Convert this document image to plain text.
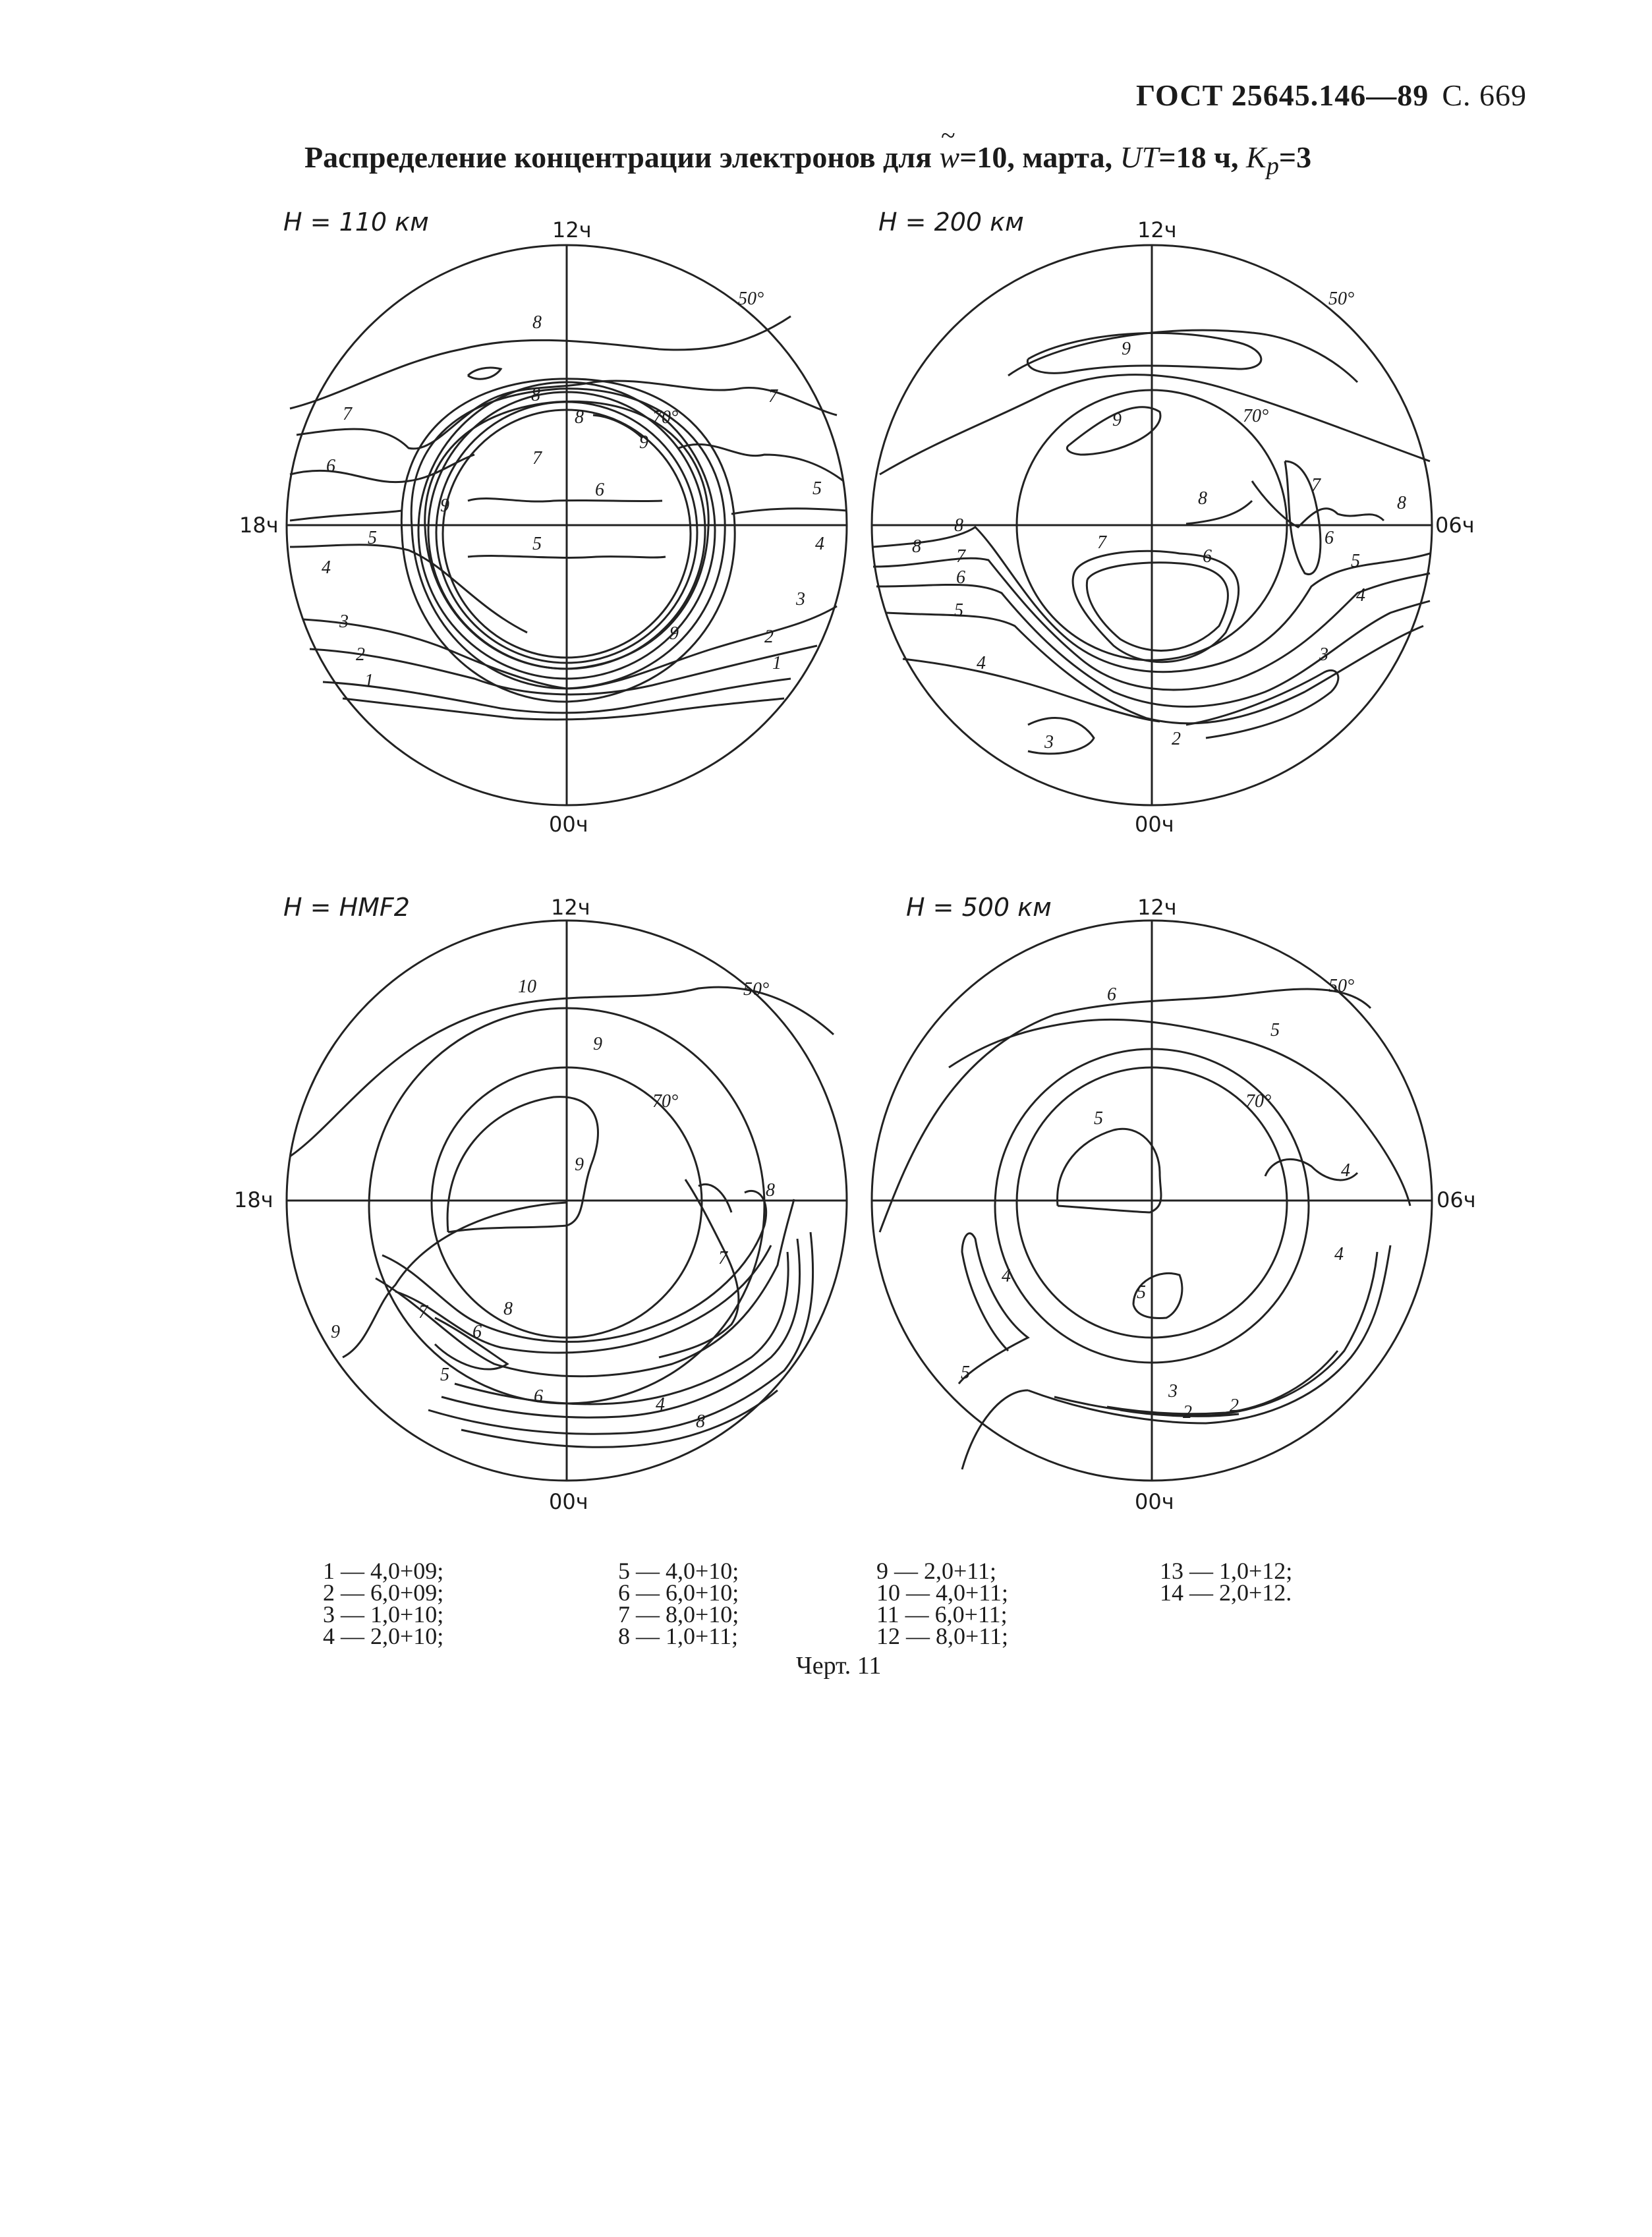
ГОСТ 25645.146—89 С. 669
Распределение концентрации электронов для ~ w=10, марта, UT=18 ч, $K_p=3$
H = 110 км	12ч
00ч
18ч
50°
70°
8
7
7
6
5
5
4
4
3
3
2
2
1
1
8
8
9
7
6
5
9
9
H = 200 км	12ч
00ч
06ч
50°
70°
9
9
8
7
8
8 7	6
6
5
5
4
4	3
3	2
7
6
8
H = HMF2	12ч
00ч
18ч
50°
70°
10
9
9
8
8
7
7
6
6
5
4
8
9
H = 500 км	12ч
00ч
06ч
50°
70°
6
5
5
4
4
4
5
5
3
2 2
1 — 4,0+09;
2 — 6,0+09;
3 — 1,0+10;
4 — 2,0+10;
5 — 4,0+10;
6 — 6,0+10;
7 — 8,0+10;
8 — 1,0+11;
9 — 2,0+11;
10 — 4,0+11;
11 — 6,0+11;
12 — 8,0+11;
13 — 1,0+12;
14 — 2,0+12.
Черт. 11
